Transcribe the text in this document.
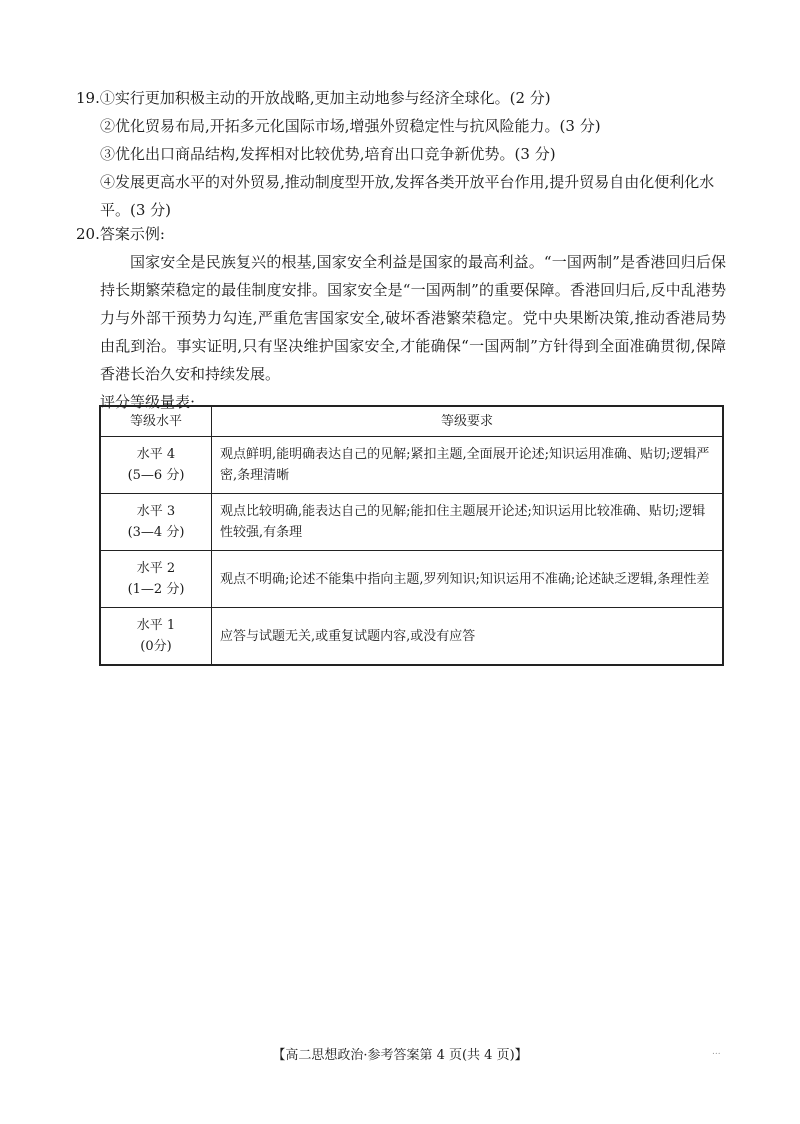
19.①实行更加积极主动的开放战略,更加主动地参与经济全球化。(2 分)
②优化贸易布局,开拓多元化国际市场,增强外贸稳定性与抗风险能力。(3 分)
③优化出口商品结构,发挥相对比较优势,培育出口竞争新优势。(3 分)
④发展更高水平的对外贸易,推动制度型开放,发挥各类开放平台作用,提升贸易自由化便利化水平。(3 分)
20.答案示例:
国家安全是民族复兴的根基,国家安全利益是国家的最高利益。“一国两制”是香港回归后保持长期繁荣稳定的最佳制度安排。国家安全是“一国两制”的重要保障。香港回归后,反中乱港势力与外部干预势力勾连,严重危害国家安全,破坏香港繁荣稳定。党中央果断决策,推动香港局势由乱到治。事实证明,只有坚决维护国家安全,才能确保“一国两制”方针得到全面准确贯彻,保障香港长治久安和持续发展。
评分等级量表:
等级水平	等级要求

水平 4
(5—6 分)	观点鲜明,能明确表达自己的见解;紧扣主题,全面展开论述;知识运用准确、贴切;逻辑严密,条理清晰

水平 3
(3—4 分)	观点比较明确,能表达自己的见解;能扣住主题展开论述;知识运用比较准确、贴切;逻辑性较强,有条理

水平 2
(1—2 分)	观点不明确;论述不能集中指向主题,罗列知识;知识运用不准确;论述缺乏逻辑,条理性差

水平 1
(0分)	应答与试题无关,或重复试题内容,或没有应答
【高二思想政治·参考答案第 4 页(共 4 页)】	...
